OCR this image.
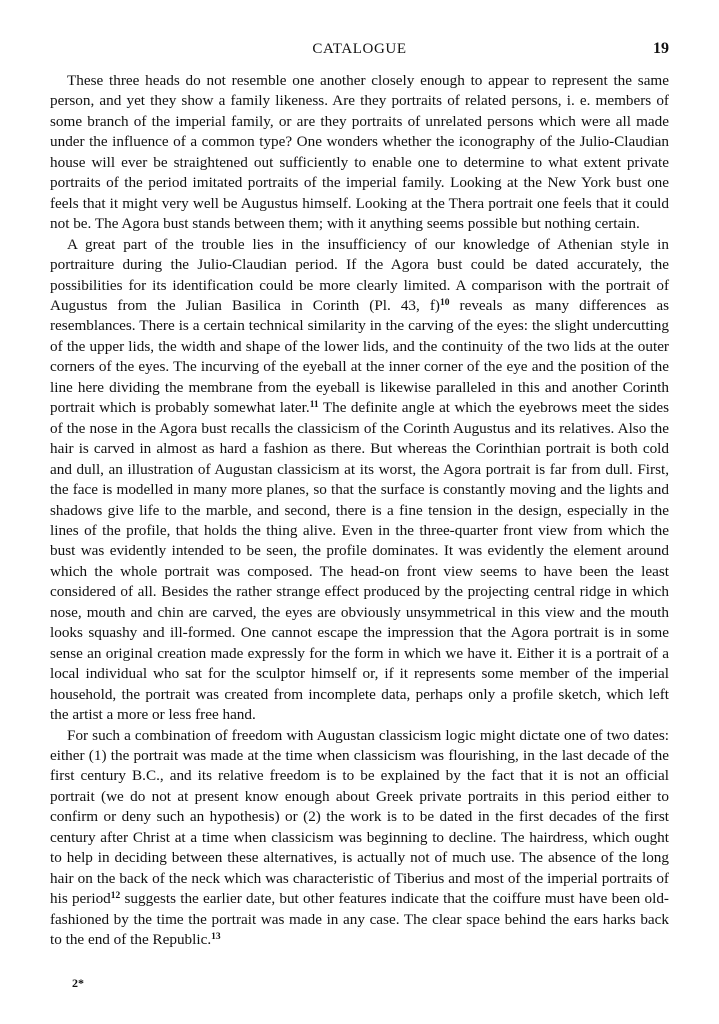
CATALOGUE	19

These three heads do not resemble one another closely enough to appear to represent the same person, and yet they show a family likeness. Are they portraits of related persons, i. e. members of some branch of the imperial family, or are they portraits of unrelated persons which were all made under the influence of a common type? One wonders whether the iconography of the Julio-Claudian house will ever be straightened out sufficiently to enable one to determine to what extent private portraits of the period imitated portraits of the imperial family. Looking at the New York bust one feels that it might very well be Augustus himself. Looking at the Thera portrait one feels that it could not be. The Agora bust stands between them; with it anything seems possible but nothing certain.

A great part of the trouble lies in the insufficiency of our knowledge of Athenian style in portraiture during the Julio-Claudian period. If the Agora bust could be dated accurately, the possibilities for its identification could be more clearly limited. A comparison with the portrait of Augustus from the Julian Basilica in Corinth (Pl. 43, f)$^{10}$ reveals as many differences as resemblances. There is a certain technical similarity in the carving of the eyes: the slight undercutting of the upper lids, the width and shape of the lower lids, and the continuity of the two lids at the outer corners of the eyes. The incurving of the eyeball at the inner corner of the eye and the position of the line here dividing the membrane from the eyeball is likewise paralleled in this and another Corinth portrait which is probably somewhat later.$^{11}$ The definite angle at which the eyebrows meet the sides of the nose in the Agora bust recalls the classicism of the Corinth Augustus and its relatives. Also the hair is carved in almost as hard a fashion as there. But whereas the Corinthian portrait is both cold and dull, an illustration of Augustan classicism at its worst, the Agora portrait is far from dull. First, the face is modelled in many more planes, so that the surface is constantly moving and the lights and shadows give life to the marble, and second, there is a fine tension in the design, especially in the lines of the profile, that holds the thing alive. Even in the three-quarter front view from which the bust was evidently intended to be seen, the profile dominates. It was evidently the element around which the whole portrait was composed. The head-on front view seems to have been the least considered of all. Besides the rather strange effect produced by the projecting central ridge in which nose, mouth and chin are carved, the eyes are obviously unsymmetrical in this view and the mouth looks squashy and ill-formed. One cannot escape the impression that the Agora portrait is in some sense an original creation made expressly for the form in which we have it. Either it is a portrait of a local individual who sat for the sculptor himself or, if it represents some member of the imperial household, the portrait was created from incomplete data, perhaps only a profile sketch, which left the artist a more or less free hand.

For such a combination of freedom with Augustan classicism logic might dictate one of two dates: either (1) the portrait was made at the time when classicism was flourishing, in the last decade of the first century B.C., and its relative freedom is to be explained by the fact that it is not an official portrait (we do not at present know enough about Greek private portraits in this period either to confirm or deny such an hypothesis) or (2) the work is to be dated in the first decades of the first century after Christ at a time when classicism was beginning to decline. The hairdress, which ought to help in deciding between these alternatives, is actually not of much use. The absence of the long hair on the back of the neck which was characteristic of Tiberius and most of the imperial portraits of his period$^{12}$ suggests the earlier date, but other features indicate that the coiffure must have been old-fashioned by the time the portrait was made in any case. The clear space behind the ears harks back to the end of the Republic.$^{13}$

2*
